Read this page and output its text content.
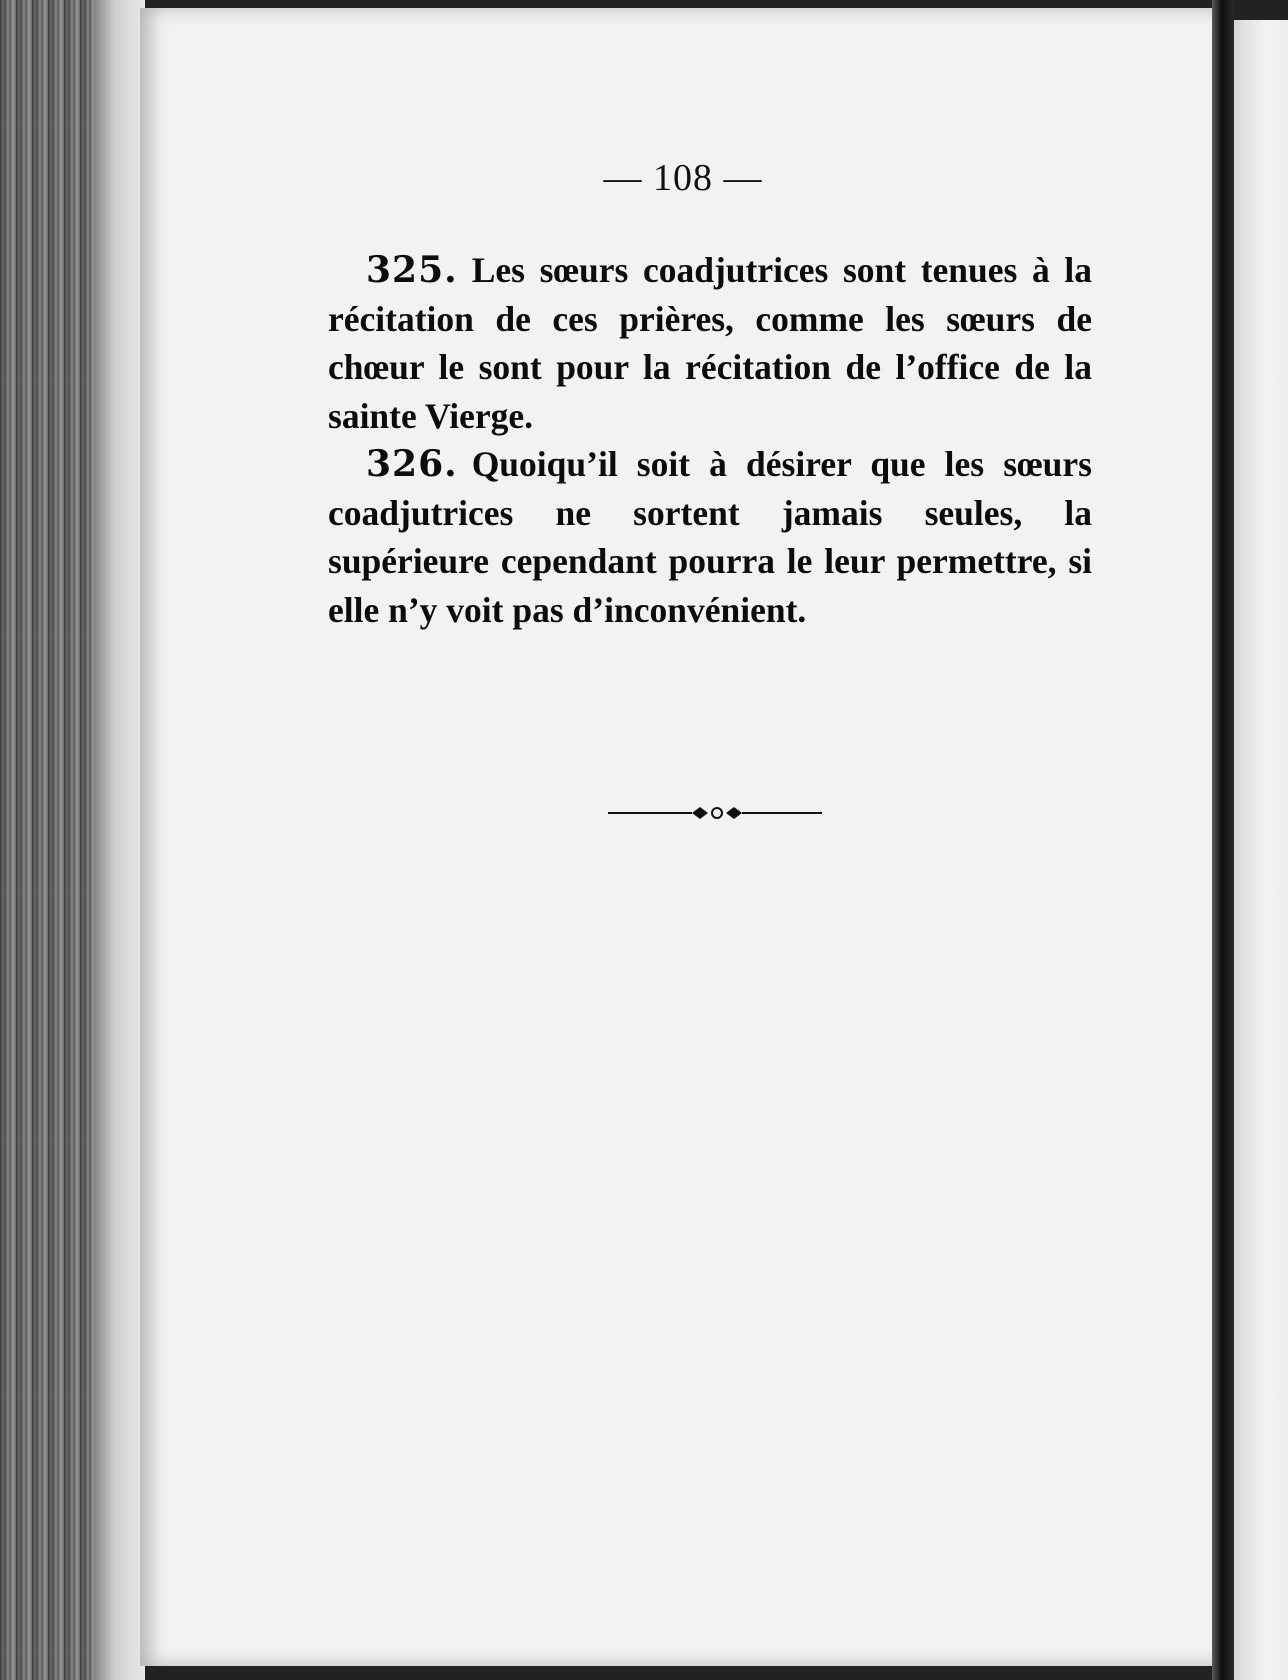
— 108 —

325. Les sœurs coadjutrices sont tenues à la récitation de ces prières, comme les sœurs de chœur le sont pour la récitation de l’office de la sainte Vierge.

326. Quoiqu’il soit à désirer que les sœurs coadjutrices ne sortent jamais seules, la supérieure cependant pourra le leur permettre, si elle n’y voit pas d’inconvénient.
